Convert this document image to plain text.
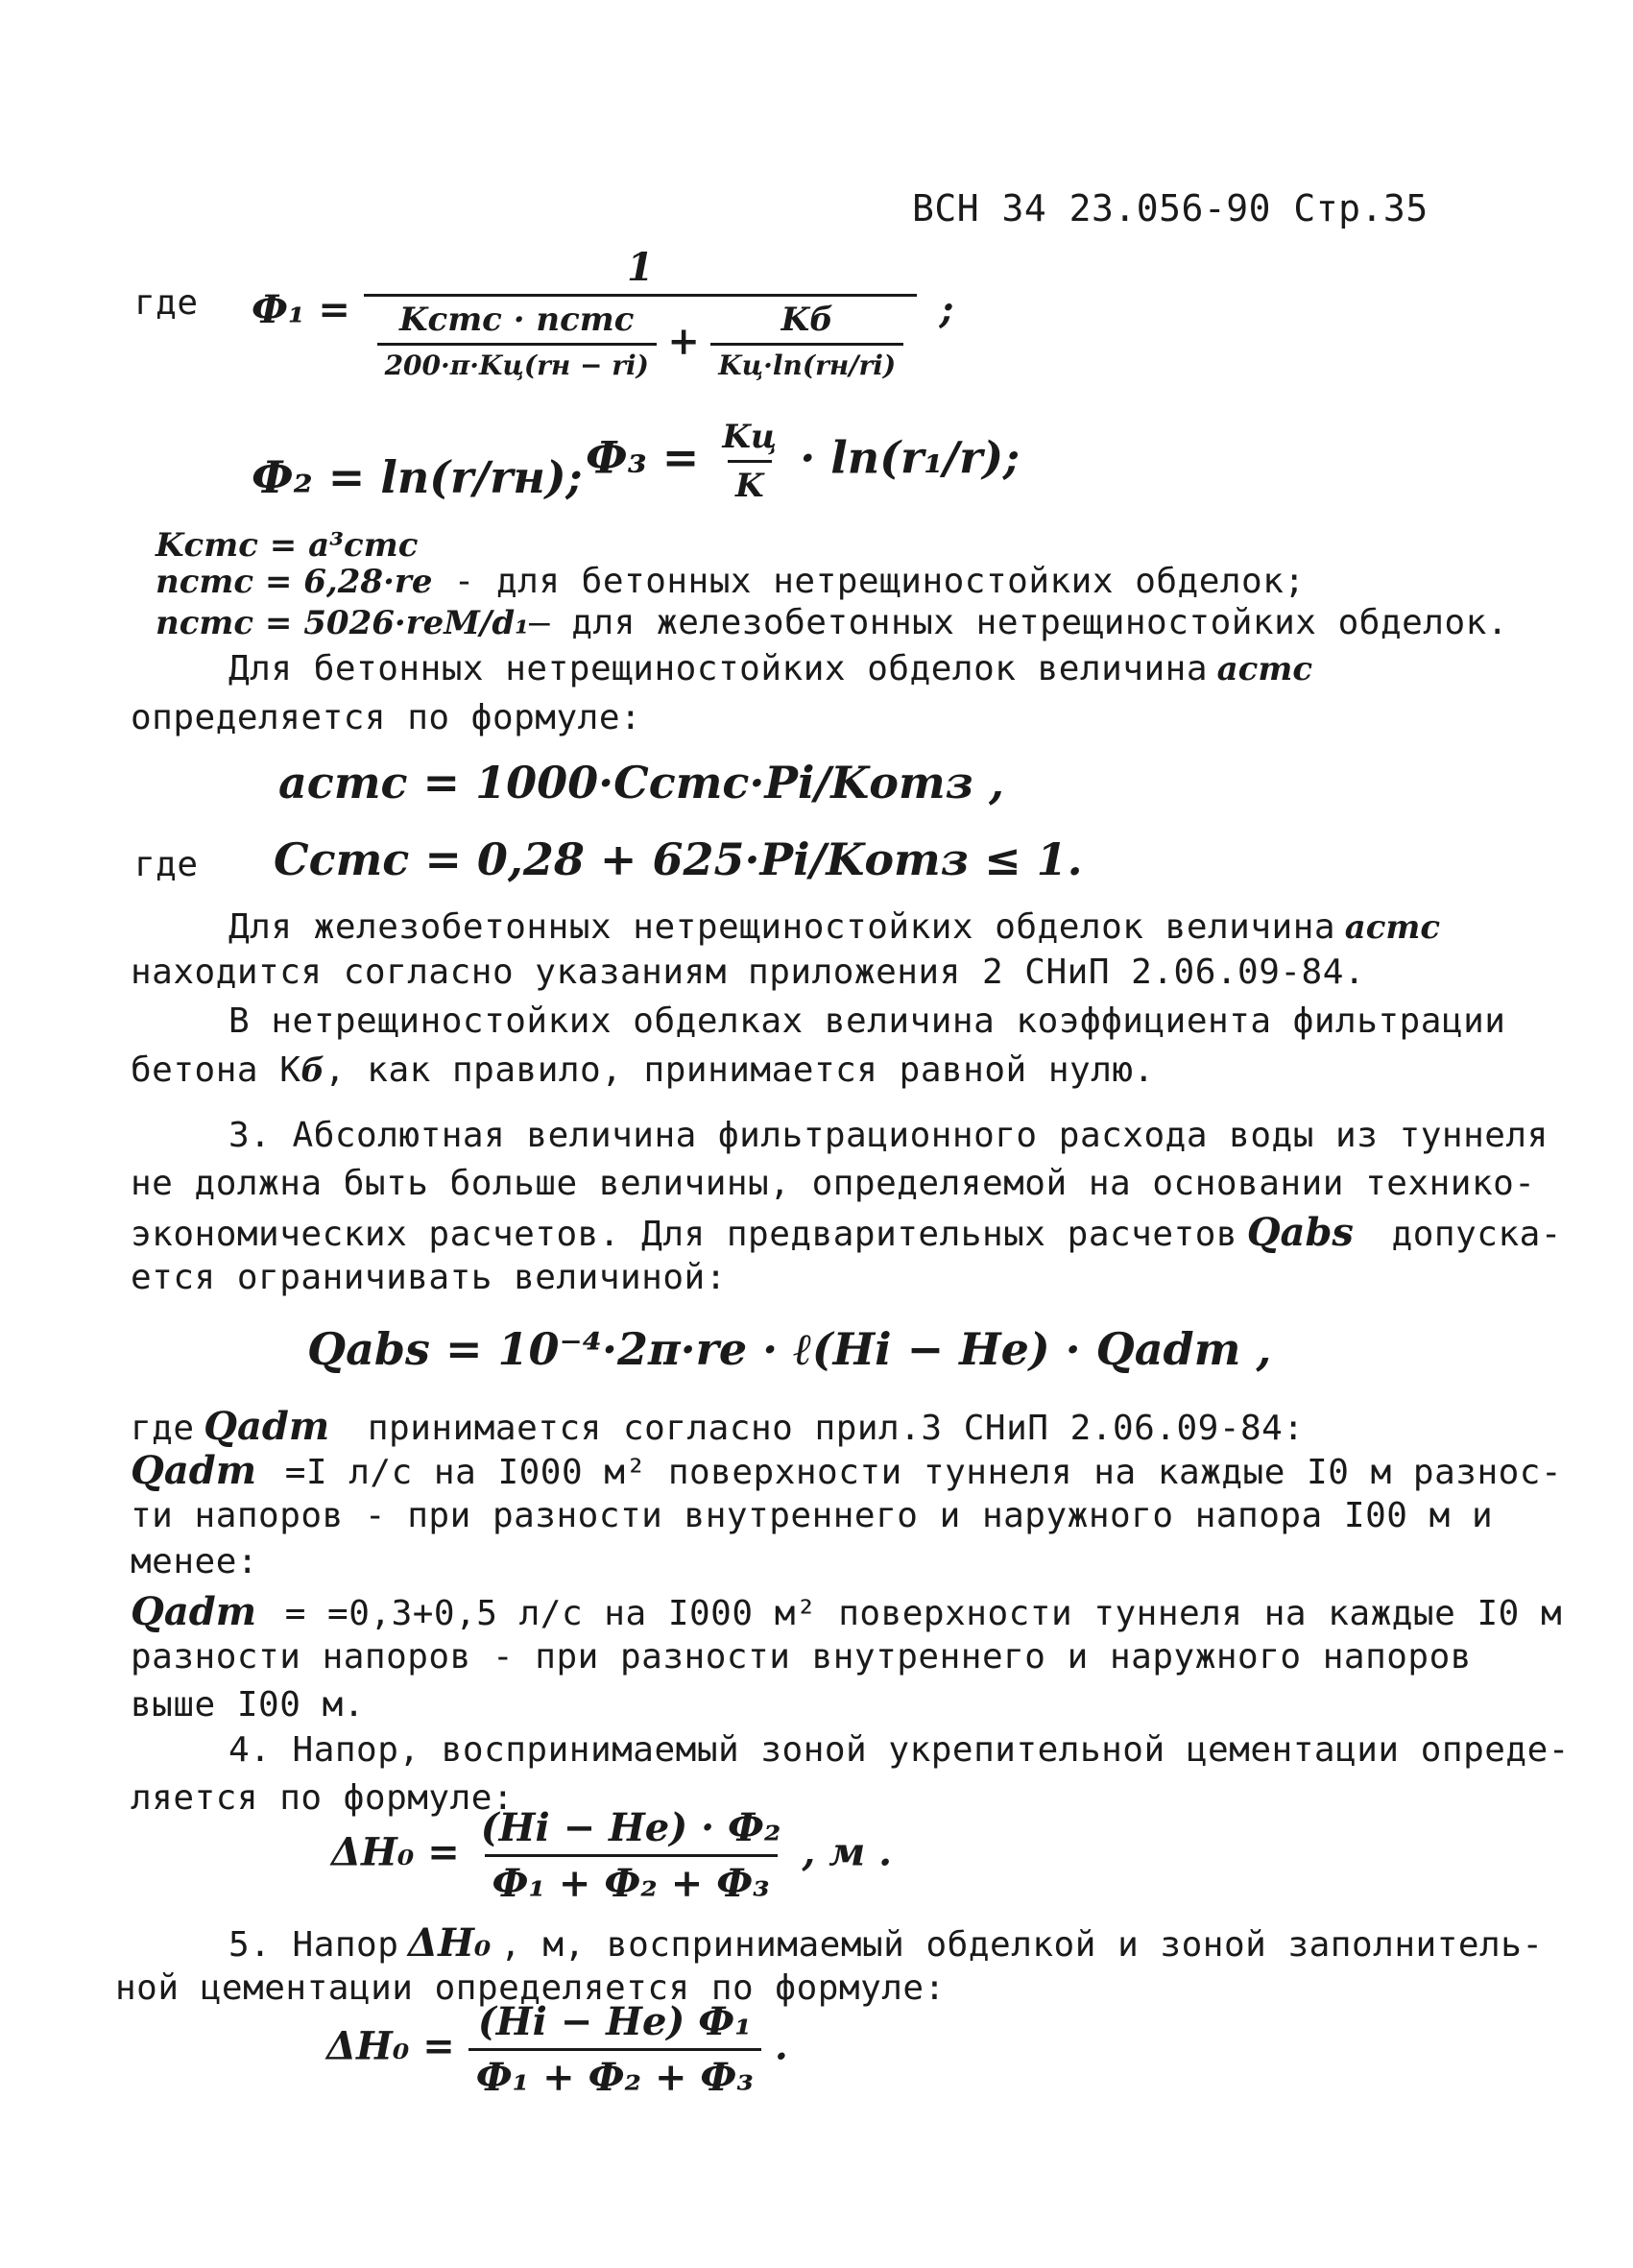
ВСН 34 23.056-90 Стр.35
где Ф₁ =
1
$\frac{\text{Kстс · nстс}}{200\cdot\pi\cdot Kц(rн - ri)} + \frac{Kб}{Kц\cdot\ln(rн/ri)}$ ;
Ф₂ = ln(r/rн); $Ф_3 = \frac{Kц}{K} \cdot \ln(r_1/r)$;
Kстс = a³стс
nстс = 6,28·re - для бетонных нетрещиностойких обделок;
nстс = 5026·reM/d₁– для железобетонных нетрещиностойких обделок.
Для бетонных нетрещиностойких обделок величина aстс
определяется по формуле:
aстс = 1000·Cстс·Pi/Kотз ,
где Cстс = 0,28 + 625·Pi/Kотз ≤ 1.
Для железобетонных нетрещиностойких обделок величина aстс
находится согласно указаниям приложения 2 СНиП 2.06.09-84.
В нетрещиностойких обделках величина коэффициента фильтрации
бетона Кб, как правило, принимается равной нулю.
3. Абсолютная величина фильтрационного расхода воды из туннеля
не должна быть больше величины, определяемой на основании технико-
экономических расчетов. Для предварительных расчетов Qabs допуска-
ется ограничивать величиной:
Qabs = 10⁻⁴·2π·re · ℓ(Hi − He) · Qadm ,
где Qadm принимается согласно прил.3 СНиП 2.06.09-84:
Qadm =I л/с на I000 м² поверхности туннеля на каждые I0 м разнос-
ти напоров - при разности внутреннего и наружного напора I00 м и
менее:
Qadm = =0,3+0,5 л/с на I000 м² поверхности туннеля на каждые I0 м
разности напоров - при разности внутреннего и наружного напоров
выше I00 м.
4. Напор, воспринимаемый зоной укрепительной цементации опреде-
ляется по формуле:
$\Delta H_0 = \frac{\text{(Hi − He) · Ф₂}}{\text{Ф₁ + Ф₂ + Ф₃}}$ , м .
5. Напор ΔH₀ , м, воспринимаемый обделкой и зоной заполнитель-
ной цементации определяется по формуле:
$\Delta H_0 = \frac{\text{(Hi − He) Ф₁}}{\text{Ф₁ + Ф₂ + Ф₃}}$ .
